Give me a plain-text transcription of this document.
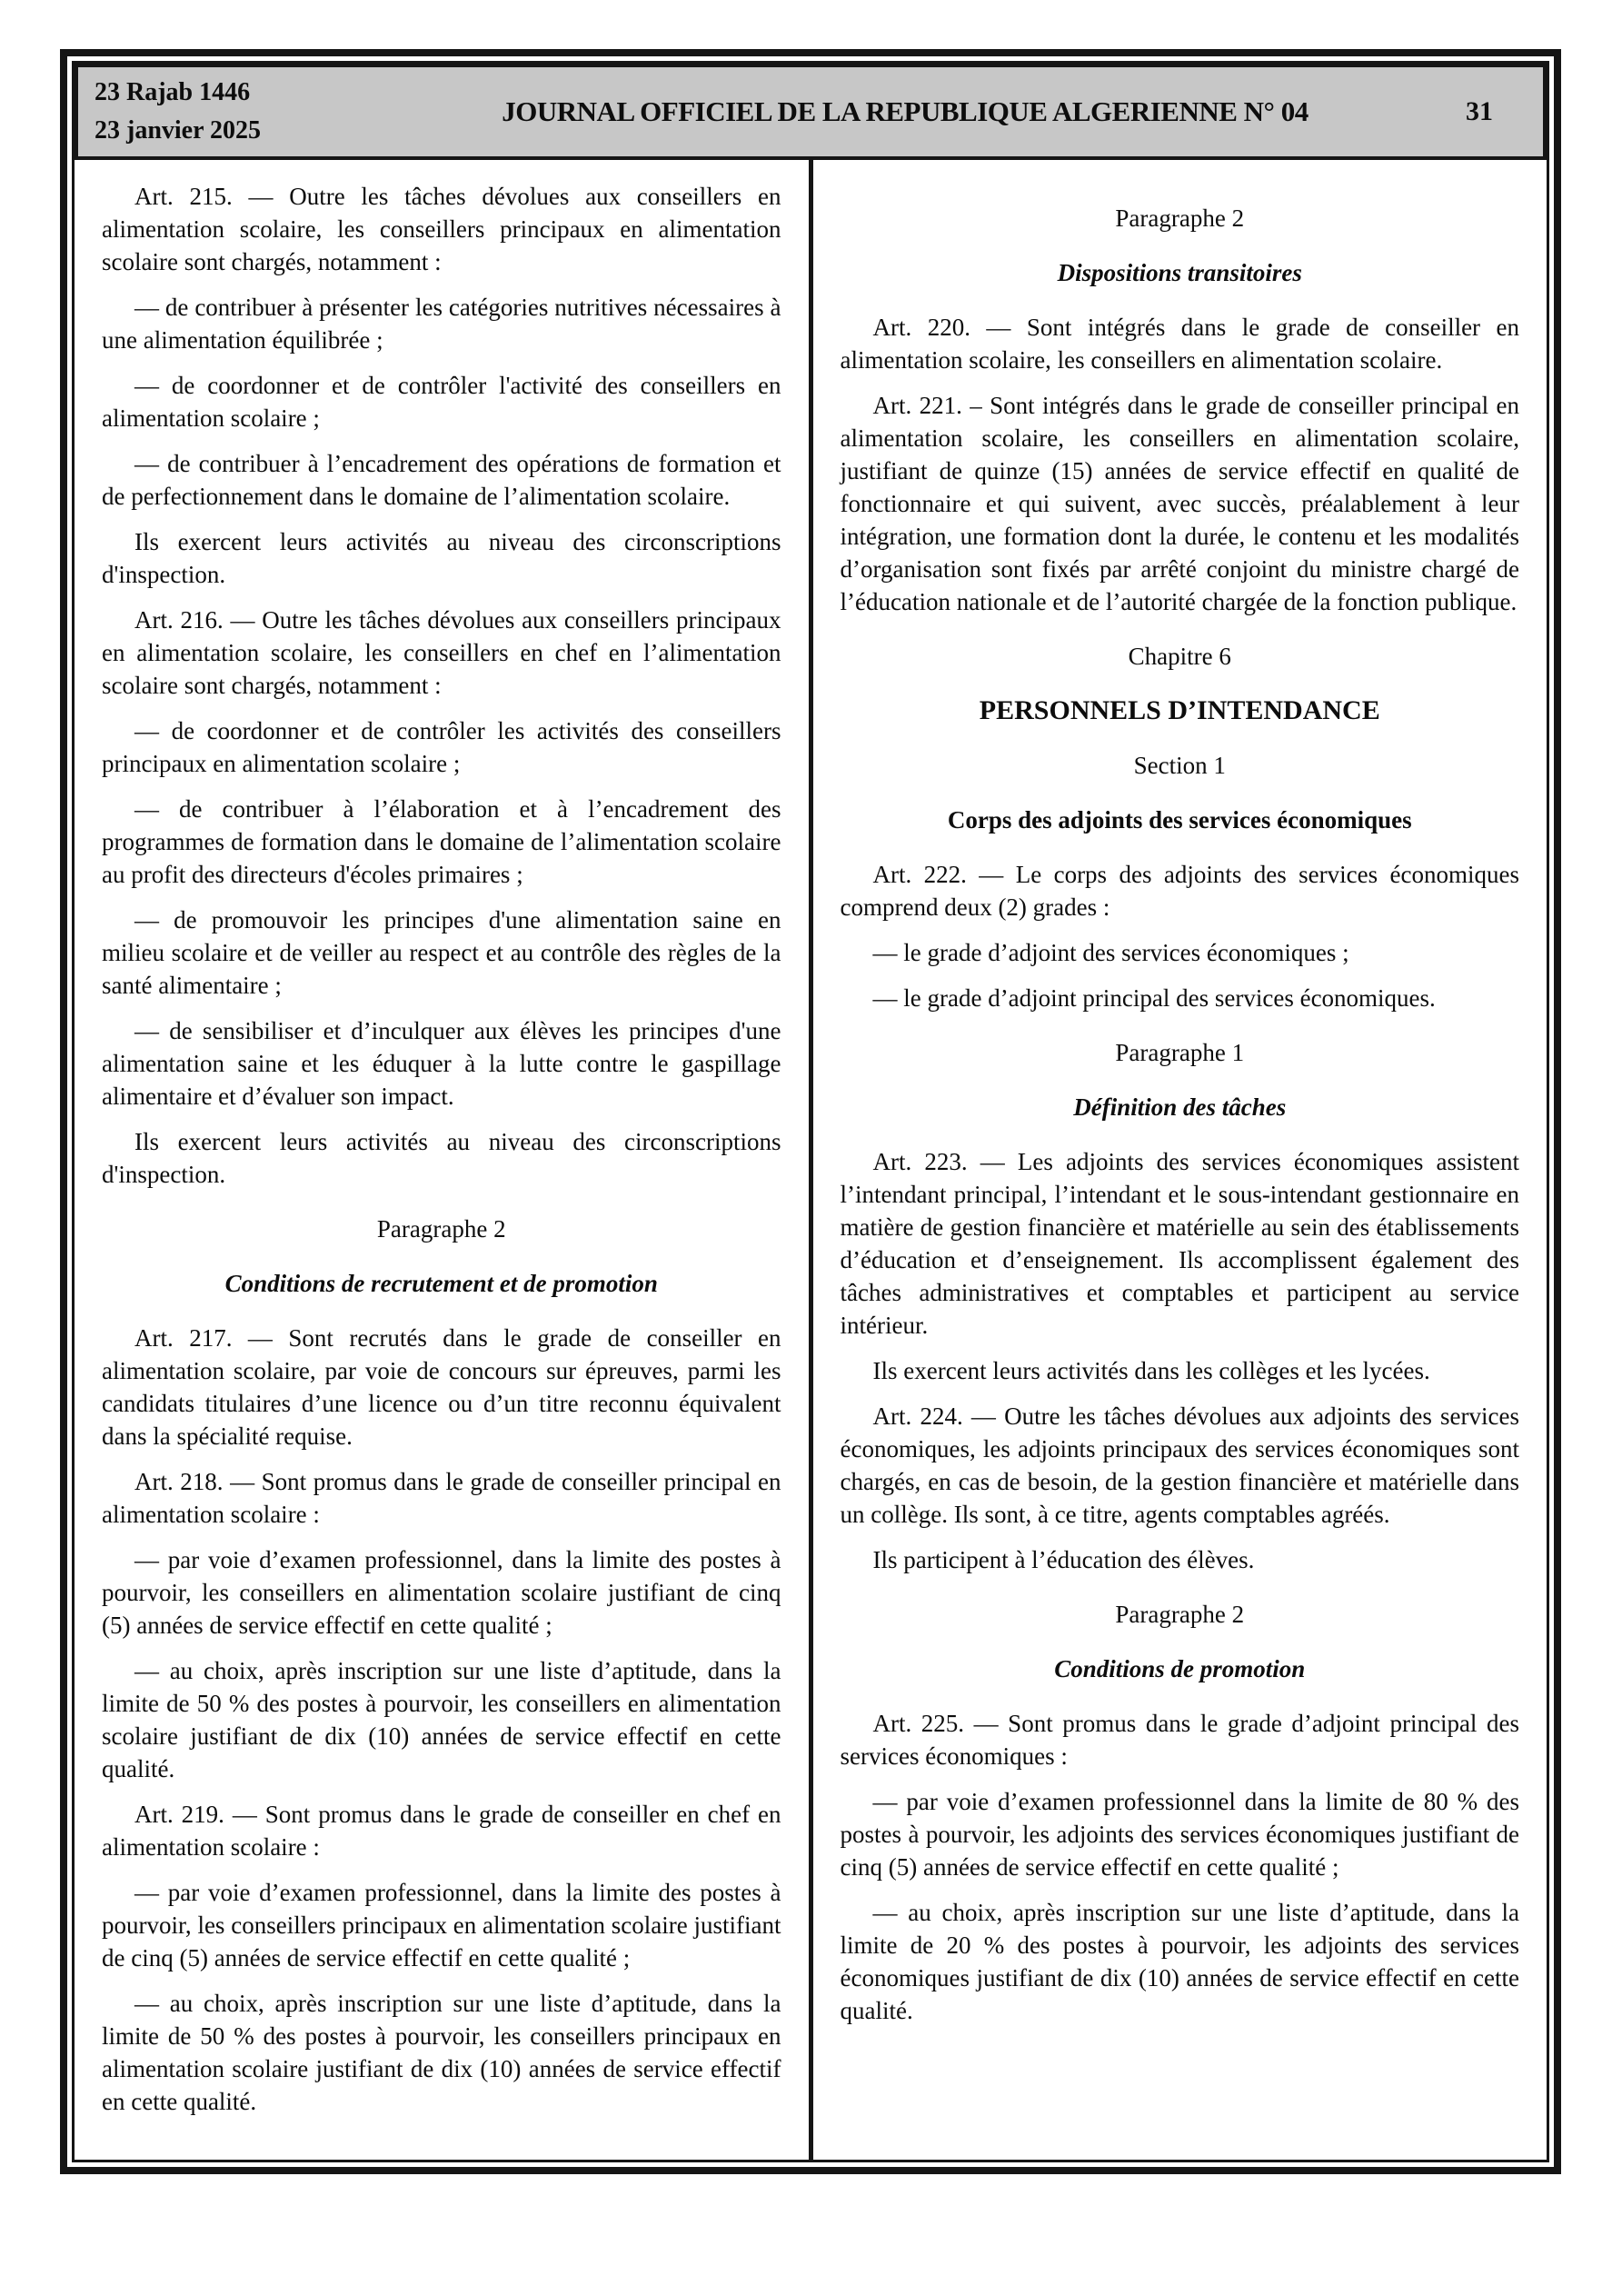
23 Rajab 1446
23 janvier 2025
JOURNAL OFFICIEL DE LA REPUBLIQUE ALGERIENNE N° 04	31

Art. 215. — Outre les tâches dévolues aux conseillers en alimentation scolaire, les conseillers principaux en alimentation scolaire sont chargés, notamment :

— de contribuer à présenter les catégories nutritives nécessaires à une alimentation équilibrée ;

— de coordonner et de contrôler l'activité des conseillers en alimentation scolaire ;

— de contribuer à l’encadrement des opérations de formation et de perfectionnement dans le domaine de l’alimentation scolaire.

Ils exercent leurs activités au niveau des circonscriptions d'inspection.

Art. 216. — Outre les tâches dévolues aux conseillers principaux en alimentation scolaire, les conseillers en chef en l’alimentation scolaire sont chargés, notamment :

— de coordonner et de contrôler les activités des conseillers principaux en alimentation scolaire ;

— de contribuer à l’élaboration et à l’encadrement des programmes de formation dans le domaine de l’alimentation scolaire au profit des directeurs d'écoles primaires ;

— de promouvoir les principes d'une alimentation saine en milieu scolaire et de veiller au respect et au contrôle des règles de la santé alimentaire ;

— de sensibiliser et d’inculquer aux élèves les principes d'une alimentation saine et les éduquer à la lutte contre le gaspillage alimentaire et d’évaluer son impact.

Ils exercent leurs activités au niveau des circonscriptions d'inspection.

Paragraphe 2

Conditions de recrutement et de promotion

Art. 217. — Sont recrutés dans le grade de conseiller en alimentation scolaire, par voie de concours sur épreuves, parmi les candidats titulaires d’une licence ou d’un titre reconnu équivalent dans la spécialité requise.

Art. 218. — Sont promus dans le grade de conseiller principal en alimentation scolaire :

— par voie d’examen professionnel, dans la limite des postes à pourvoir, les conseillers en alimentation scolaire justifiant de cinq (5) années de service effectif en cette qualité ;

— au choix, après inscription sur une liste d’aptitude, dans la limite de 50 % des postes à pourvoir, les conseillers en alimentation scolaire justifiant de dix (10) années de service effectif en cette qualité.

Art. 219. — Sont promus dans le grade de conseiller en chef en alimentation scolaire :

— par voie d’examen professionnel, dans la limite des postes à pourvoir, les conseillers principaux en alimentation scolaire justifiant de cinq (5) années de service effectif en cette qualité ;

— au choix, après inscription sur une liste d’aptitude, dans la limite de 50 % des postes à pourvoir, les conseillers principaux en alimentation scolaire justifiant de dix (10) années de service effectif en cette qualité.

Paragraphe 2

Dispositions transitoires

Art. 220. — Sont intégrés dans le grade de conseiller en alimentation scolaire, les conseillers en alimentation scolaire.

Art. 221. – Sont intégrés dans le grade de conseiller principal en alimentation scolaire, les conseillers en alimentation scolaire, justifiant de quinze (15) années de service effectif en qualité de fonctionnaire et qui suivent, avec succès, préalablement à leur intégration, une formation dont la durée, le contenu et les modalités d’organisation sont fixés par arrêté conjoint du ministre chargé de l’éducation nationale et de l’autorité chargée de la fonction publique.

Chapitre 6

PERSONNELS D’INTENDANCE

Section 1

Corps des adjoints des services économiques

Art. 222. — Le corps des adjoints des services économiques comprend deux (2) grades :

— le grade d’adjoint des services économiques ;

— le grade d’adjoint principal des services économiques.

Paragraphe 1

Définition des tâches

Art. 223. — Les adjoints des services économiques assistent l’intendant principal, l’intendant et le sous-intendant gestionnaire en matière de gestion financière et matérielle au sein des établissements d’éducation et d’enseignement. Ils accomplissent également des tâches administratives et comptables et participent au service intérieur.

Ils exercent leurs activités dans les collèges et les lycées.

Art. 224. — Outre les tâches dévolues aux adjoints des services économiques, les adjoints principaux des services économiques sont chargés, en cas de besoin, de la gestion financière et matérielle dans un collège. Ils sont, à ce titre, agents comptables agréés.

Ils participent à l’éducation des élèves.

Paragraphe 2

Conditions de promotion

Art. 225. — Sont promus dans le grade d’adjoint principal des services économiques :

— par voie d’examen professionnel dans la limite de 80 % des postes à pourvoir, les adjoints des services économiques justifiant de cinq (5) années de service effectif en cette qualité ;

— au choix, après inscription sur une liste d’aptitude, dans la limite de 20 % des postes à pourvoir, les adjoints des services économiques justifiant de dix (10) années de service effectif en cette qualité.
